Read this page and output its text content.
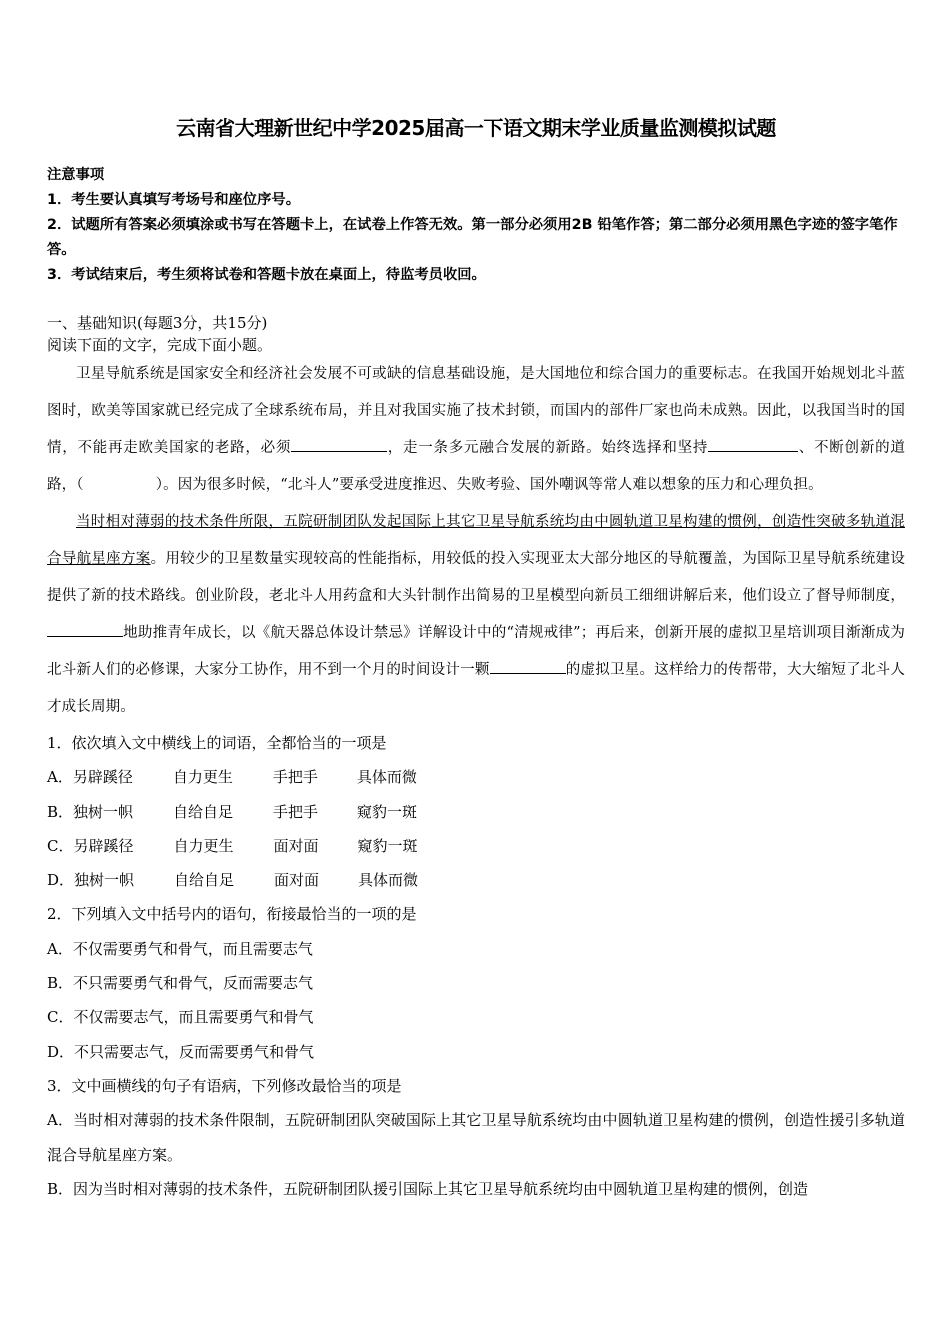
云南省大理新世纪中学2025届高一下语文期末学业质量监测模拟试题
注意事项
1．考生要认真填写考场号和座位序号。
2．试题所有答案必须填涂或书写在答题卡上，在试卷上作答无效。第一部分必须用2B 铅笔作答；第二部分必须用黑色字迹的签字笔作答。
3．考试结束后，考生须将试卷和答题卡放在桌面上，待监考员收回。
一、基础知识(每题3分，共15分)
阅读下面的文字，完成下面小题。

卫星导航系统是国家安全和经济社会发展不可或缺的信息基础设施，是大国地位和综合国力的重要标志。在我国开始规划北斗蓝图时，欧美等国家就已经完成了全球系统布局，并且对我国实施了技术封锁，而国内的部件厂家也尚未成熟。因此，以我国当时的国情，不能再走欧美国家的老路，必须	，走一条多元融合发展的新路。始终选择和坚持	、不断创新的道路，（	）。因为很多时候，“北斗人”要承受进度推迟、失败考验、国外嘲讽等常人难以想象的压力和心理负担。

当时相对薄弱的技术条件所限，五院研制团队发起国际上其它卫星导航系统均由中圆轨道卫星构建的惯例，创造性突破多轨道混合导航星座方案。用较少的卫星数量实现较高的性能指标，用较低的投入实现亚太大部分地区的导航覆盖，为国际卫星导航系统建设提供了新的技术路线。创业阶段，老北斗人用药盒和大头针制作出简易的卫星模型向新员工细细讲解后来，他们设立了督导师制度，地助推青年成长，以《航天器总体设计禁忌》详解设计中的“清规戒律”；再后来，创新开展的虚拟卫星培训项目渐渐成为北斗新人们的必修课，大家分工协作，用不到一个月的时间设计一颗	的虚拟卫星。这样给力的传帮带，大大缩短了北斗人才成长周期。

1．依次填入文中横线上的词语，全都恰当的一项是
A．另辟蹊径	自力更生	手把手	具体而微
B．独树一帜	自给自足	手把手	窥豹一斑
C．另辟蹊径	自力更生	面对面	窥豹一斑
D．独树一帜	自给自足	面对面	具体而微
2．下列填入文中括号内的语句，衔接最恰当的一项的是
A．不仅需要勇气和骨气，而且需要志气
B．不只需要勇气和骨气，反而需要志气
C．不仅需要志气，而且需要勇气和骨气
D．不只需要志气，反而需要勇气和骨气
3．文中画横线的句子有语病，下列修改最恰当的项是
A．当时相对薄弱的技术条件限制，五院研制团队突破国际上其它卫星导航系统均由中圆轨道卫星构建的惯例，创造性援引多轨道混合导航星座方案。
B．因为当时相对薄弱的技术条件，五院研制团队援引国际上其它卫星导航系统均由中圆轨道卫星构建的惯例，创造
